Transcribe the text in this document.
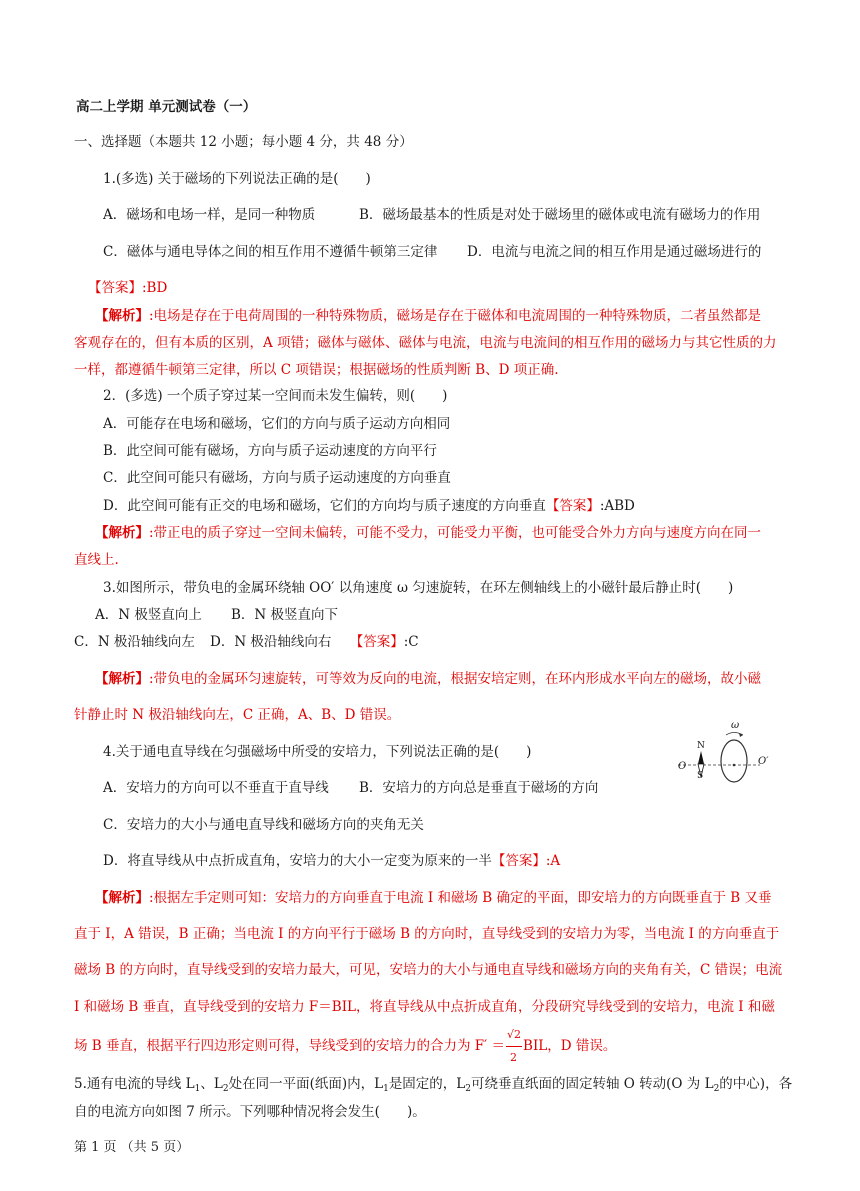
高二上学期 单元测试卷（一）
一、选择题（本题共 12 小题；每小题 4 分，共 48 分）
1.(多选) 关于磁场的下列说法正确的是(　　)
A．磁场和电场一样，是同一种物质	B．磁场最基本的性质是对处于磁场里的磁体或电流有磁场力的作用
C．磁体与通电导体之间的相互作用不遵循牛顿第三定律 D．电流与电流之间的相互作用是通过磁场进行的
【答案】:BD
【解析】:电场是存在于电荷周围的一种特殊物质，磁场是存在于磁体和电流周围的一种特殊物质，二者虽然都是
客观存在的，但有本质的区别，A 项错；磁体与磁体、磁体与电流，电流与电流间的相互作用的磁场力与其它性质的力
一样，都遵循牛顿第三定律，所以 C 项错误；根据磁场的性质判断 B、D 项正确.
2．(多选) 一个质子穿过某一空间而未发生偏转，则(　　)
A．可能存在电场和磁场，它们的方向与质子运动方向相同
B．此空间可能有磁场，方向与质子运动速度的方向平行
C．此空间可能只有磁场，方向与质子运动速度的方向垂直
D．此空间可能有正交的电场和磁场，它们的方向均与质子速度的方向垂直【答案】:ABD
【解析】:带正电的质子穿过一空间未偏转，可能不受力，可能受力平衡，也可能受合外力方向与速度方向在同一
直线上.
3.如图所示，带负电的金属环绕轴 OO′ 以角速度 ω 匀速旋转，在环左侧轴线上的小磁针最后静止时(　　)
A．N 极竖直向上 B．N 极竖直向下
C．N 极沿轴线向左 D．N 极沿轴线向右 【答案】:C
【解析】:带负电的金属环匀速旋转，可等效为反向的电流，根据安培定则，在环内形成水平向左的磁场，故小磁
针静止时 N 极沿轴线向左，C 正确，A、B、D 错误。
N
S
O	O′
ω
4.关于通电直导线在匀强磁场中所受的安培力，下列说法正确的是(　　)
A．安培力的方向可以不垂直于直导线 B．安培力的方向总是垂直于磁场的方向
C．安培力的大小与通电直导线和磁场方向的夹角无关
D．将直导线从中点折成直角，安培力的大小一定变为原来的一半【答案】:A
【解析】:根据左手定则可知：安培力的方向垂直于电流 I 和磁场 B 确定的平面，即安培力的方向既垂直于 B 又垂
直于 I，A 错误，B 正确；当电流 I 的方向平行于磁场 B 的方向时，直导线受到的安培力为零，当电流 I 的方向垂直于
磁场 B 的方向时，直导线受到的安培力最大，可见，安培力的大小与通电直导线和磁场方向的夹角有关，C 错误；电流
I 和磁场 B 垂直，直导线受到的安培力 F＝BIL，将直导线从中点折成直角，分段研究导线受到的安培力，电流 I 和磁
场 B 垂直，根据平行四边形定则可得，导线受到的安培力的合力为 $F' = \frac{√2}{2}$ BIL，D 错误。
5.通有电流的导线 $L_1$、$L_2$处在同一平面(纸面)内，$L_1$是固定的，$L_2$可绕垂直纸面的固定转轴 O 转动(O 为 $L_2$的中心)，各
自的电流方向如图 7 所示。下列哪种情况将会发生(　　)。
第 1 页 （共 5 页）
